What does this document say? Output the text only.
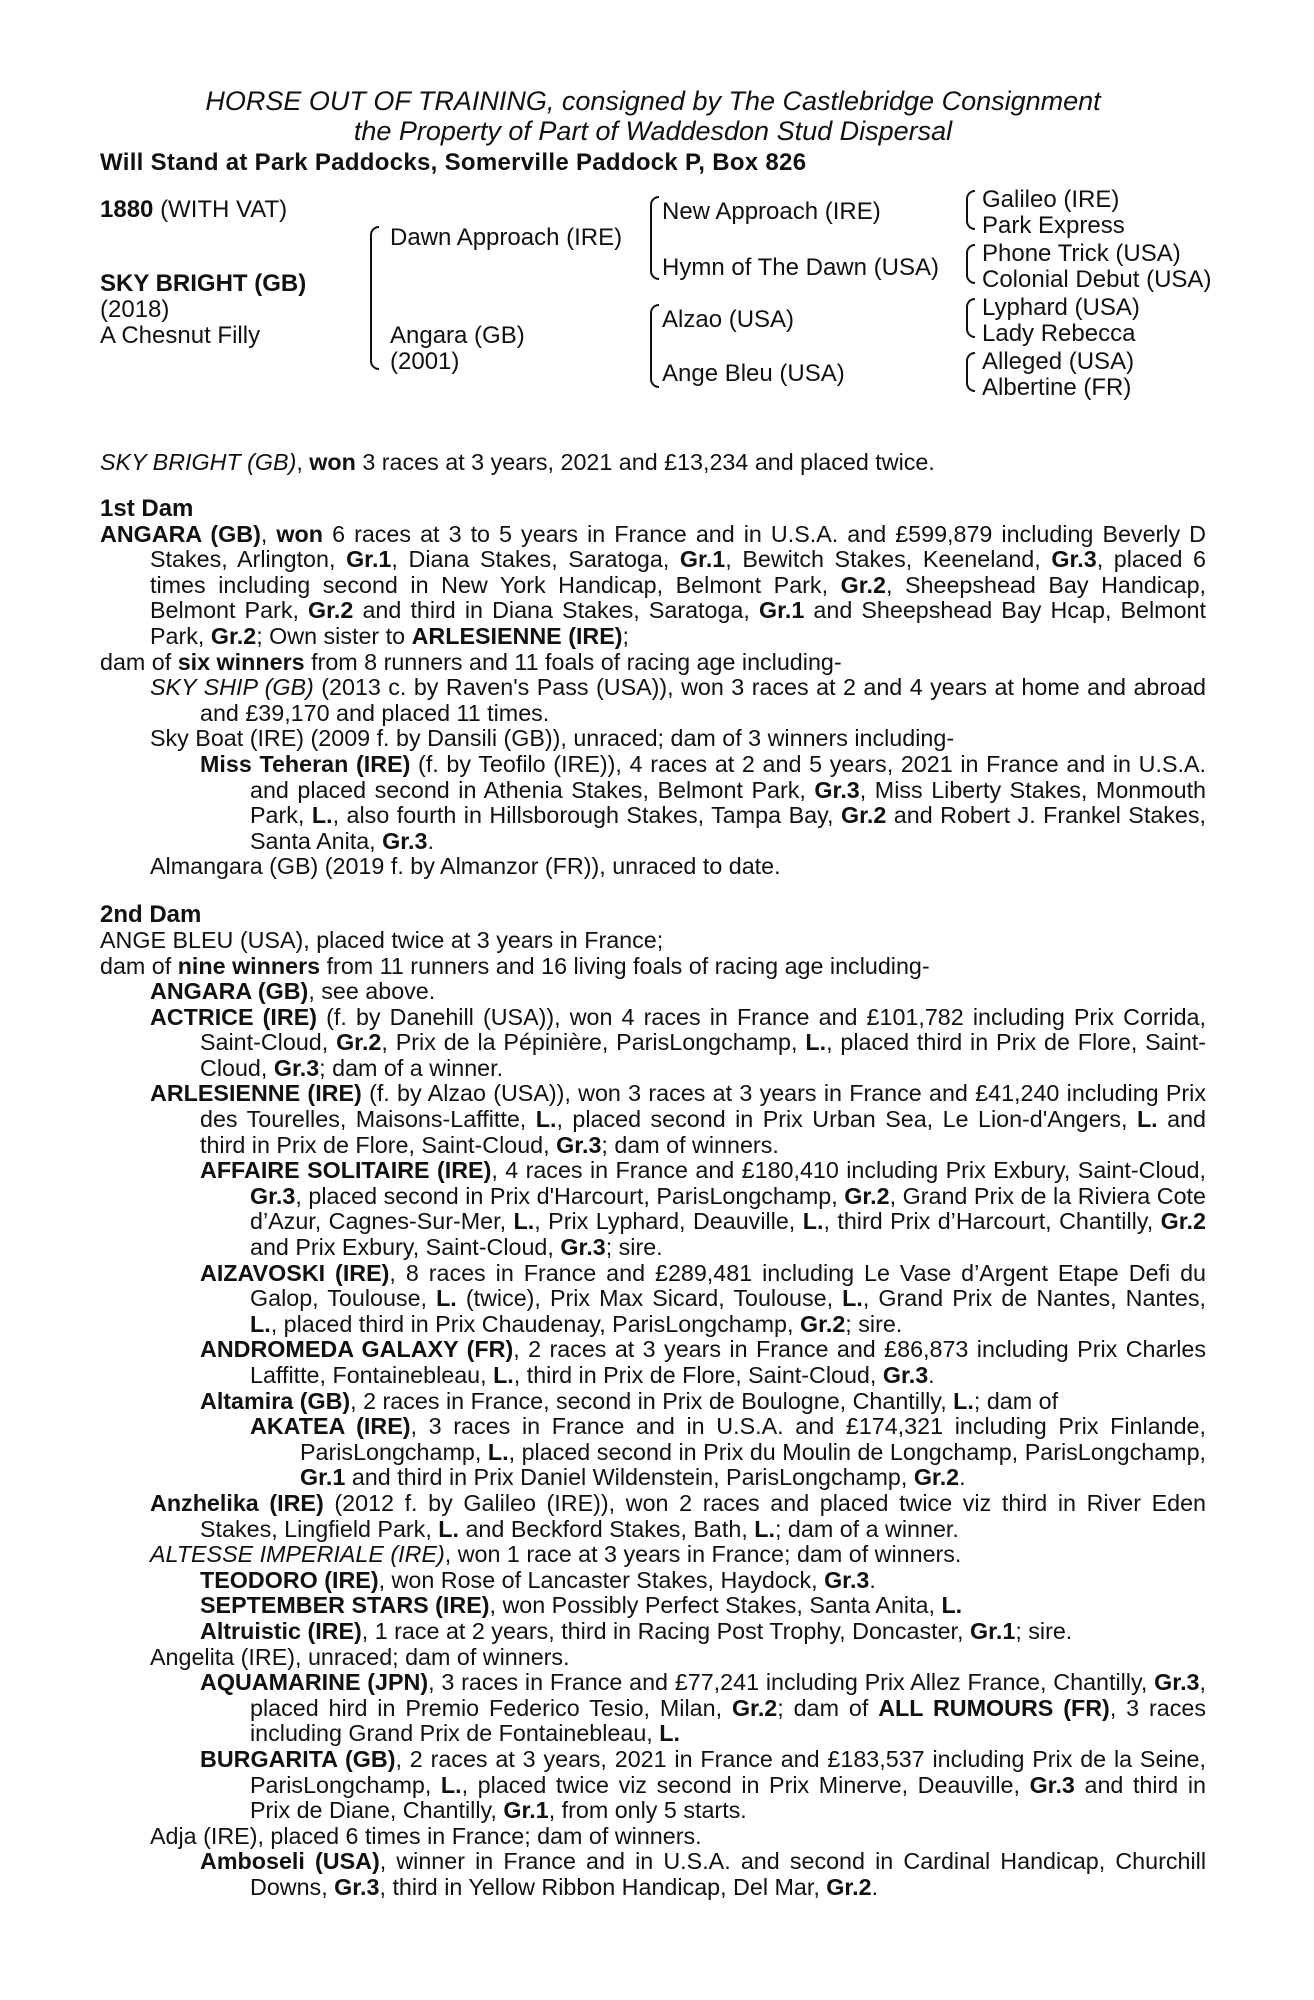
HORSE OUT OF TRAINING, consigned by The Castlebridge Consignment
the Property of Part of Waddesdon Stud Dispersal
Will Stand at Park Paddocks, Somerville Paddock P, Box 826
1880 (WITH VAT)
SKY BRIGHT (GB)
(2018)
A Chesnut Filly
Dawn Approach (IRE)
Angara (GB)
(2001)
New Approach (IRE)
Hymn of The Dawn (USA)
Alzao (USA)
Ange Bleu (USA)
Galileo (IRE)
Park Express
Phone Trick (USA)
Colonial Debut (USA)
Lyphard (USA)
Lady Rebecca
Alleged (USA)
Albertine (FR)

SKY BRIGHT (GB), won 3 races at 3 years, 2021 and £13,234 and placed twice.

1st Dam

ANGARA (GB), won 6 races at 3 to 5 years in France and in U.S.A. and £599,879 including Beverly D Stakes, Arlington, Gr.1, Diana Stakes, Saratoga, Gr.1, Bewitch Stakes, Keeneland, Gr.3, placed 6 times including second in New York Handicap, Belmont Park, Gr.2, Sheepshead Bay Handicap, Belmont Park, Gr.2 and third in Diana Stakes, Saratoga, Gr.1 and Sheepshead Bay Hcap, Belmont Park, Gr.2; Own sister to ARLESIENNE (IRE);

dam of six winners from 8 runners and 11 foals of racing age including-

SKY SHIP (GB) (2013 c. by Raven's Pass (USA)), won 3 races at 2 and 4 years at home and abroad and £39,170 and placed 11 times.

Sky Boat (IRE) (2009 f. by Dansili (GB)), unraced; dam of 3 winners including-

Miss Teheran (IRE) (f. by Teofilo (IRE)), 4 races at 2 and 5 years, 2021 in France and in U.S.A. and placed second in Athenia Stakes, Belmont Park, Gr.3, Miss Liberty Stakes, Monmouth Park, L., also fourth in Hillsborough Stakes, Tampa Bay, Gr.2 and Robert J. Frankel Stakes, Santa Anita, Gr.3.

Almangara (GB) (2019 f. by Almanzor (FR)), unraced to date.

2nd Dam

ANGE BLEU (USA), placed twice at 3 years in France;

dam of nine winners from 11 runners and 16 living foals of racing age including-

ANGARA (GB), see above.

ACTRICE (IRE) (f. by Danehill (USA)), won 4 races in France and £101,782 including Prix Corrida, Saint-Cloud, Gr.2, Prix de la Pépinière, ParisLongchamp, L., placed third in Prix de Flore, Saint-Cloud, Gr.3; dam of a winner.

ARLESIENNE (IRE) (f. by Alzao (USA)), won 3 races at 3 years in France and £41,240 including Prix des Tourelles, Maisons-Laffitte, L., placed second in Prix Urban Sea, Le Lion-d'Angers, L. and third in Prix de Flore, Saint-Cloud, Gr.3; dam of winners.

AFFAIRE SOLITAIRE (IRE), 4 races in France and £180,410 including Prix Exbury, Saint-Cloud, Gr.3, placed second in Prix d'Harcourt, ParisLongchamp, Gr.2, Grand Prix de la Riviera Cote d’Azur, Cagnes-Sur-Mer, L., Prix Lyphard, Deauville, L., third Prix d’Harcourt, Chantilly, Gr.2 and Prix Exbury, Saint-Cloud, Gr.3; sire.

AIZAVOSKI (IRE), 8 races in France and £289,481 including Le Vase d’Argent Etape Defi du Galop, Toulouse, L. (twice), Prix Max Sicard, Toulouse, L., Grand Prix de Nantes, Nantes, L., placed third in Prix Chaudenay, ParisLongchamp, Gr.2; sire.

ANDROMEDA GALAXY (FR), 2 races at 3 years in France and £86,873 including Prix Charles Laffitte, Fontainebleau, L., third in Prix de Flore, Saint-Cloud, Gr.3.

Altamira (GB), 2 races in France, second in Prix de Boulogne, Chantilly, L.; dam of

AKATEA (IRE), 3 races in France and in U.S.A. and £174,321 including Prix Finlande, ParisLongchamp, L., placed second in Prix du Moulin de Longchamp, ParisLongchamp, Gr.1 and third in Prix Daniel Wildenstein, ParisLongchamp, Gr.2.

Anzhelika (IRE) (2012 f. by Galileo (IRE)), won 2 races and placed twice viz third in River Eden Stakes, Lingfield Park, L. and Beckford Stakes, Bath, L.; dam of a winner.

ALTESSE IMPERIALE (IRE), won 1 race at 3 years in France; dam of winners.

TEODORO (IRE), won Rose of Lancaster Stakes, Haydock, Gr.3.

SEPTEMBER STARS (IRE), won Possibly Perfect Stakes, Santa Anita, L.

Altruistic (IRE), 1 race at 2 years, third in Racing Post Trophy, Doncaster, Gr.1; sire.

Angelita (IRE), unraced; dam of winners.

AQUAMARINE (JPN), 3 races in France and £77,241 including Prix Allez France, Chantilly, Gr.3, placed hird in Premio Federico Tesio, Milan, Gr.2; dam of ALL RUMOURS (FR), 3 races including Grand Prix de Fontainebleau, L.

BURGARITA (GB), 2 races at 3 years, 2021 in France and £183,537 including Prix de la Seine, ParisLongchamp, L., placed twice viz second in Prix Minerve, Deauville, Gr.3 and third in Prix de Diane, Chantilly, Gr.1, from only 5 starts.

Adja (IRE), placed 6 times in France; dam of winners.

Amboseli (USA), winner in France and in U.S.A. and second in Cardinal Handicap, Churchill Downs, Gr.3, third in Yellow Ribbon Handicap, Del Mar, Gr.2.
